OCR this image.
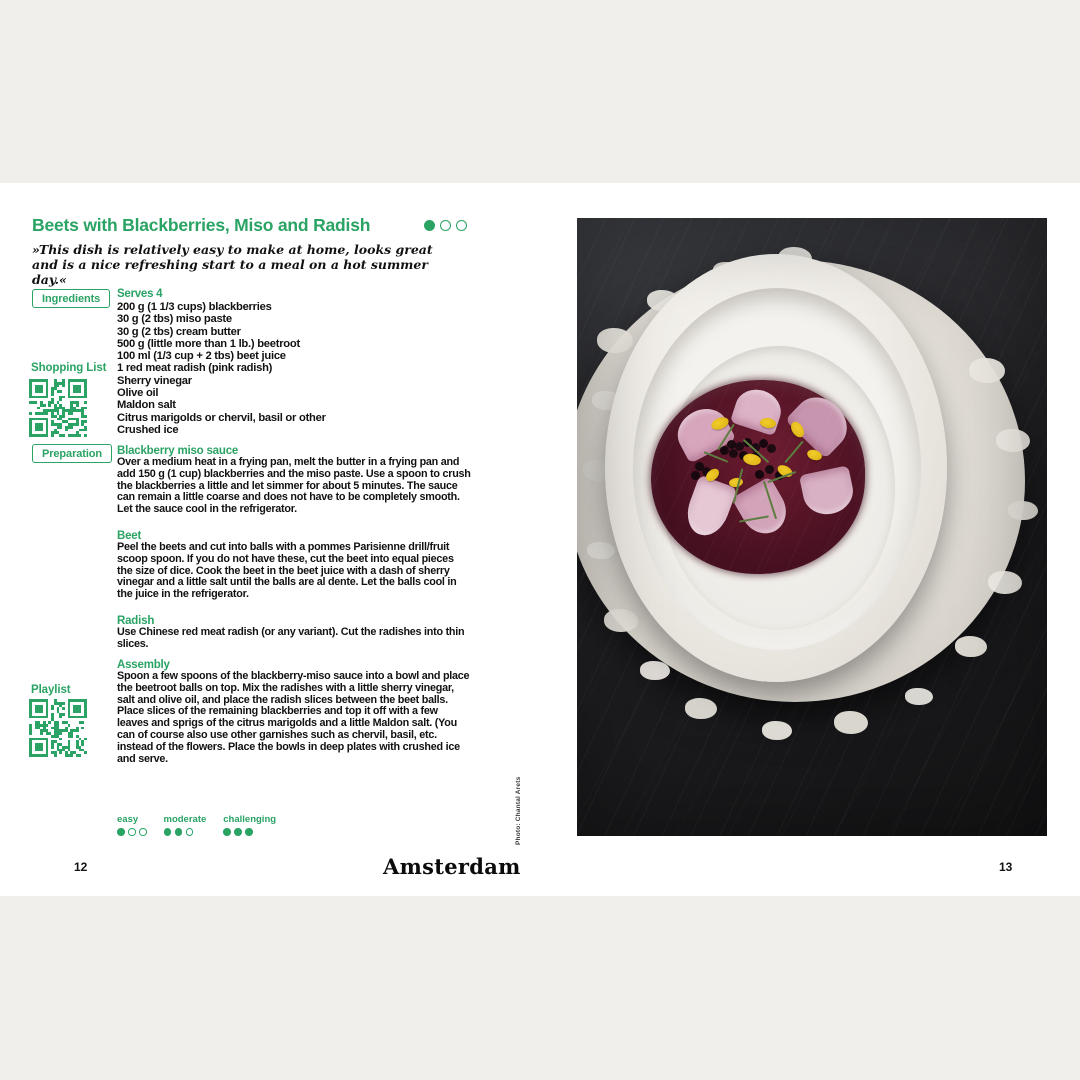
Beets with Blackberries, Miso and Radish
»This dish is relatively easy to make at home, looks great and is a nice refreshing start to a meal on a hot summer day.«
Ingredients
Shopping List
Preparation
Playlist
Serves 4
200 g (1 1/3 cups) blackberries
30 g (2 tbs) miso paste
30 g (2 tbs) cream butter
500 g (little more than 1 lb.) beetroot
100 ml (1/3 cup + 2 tbs) beet juice
1 red meat radish (pink radish)
Sherry vinegar
Olive oil
Maldon salt
Citrus marigolds or chervil, basil or other
Crushed ice
Blackberry miso sauce
Over a medium heat in a frying pan, melt the butter in a frying pan and add 150 g (1 cup) blackberries and the miso paste. Use a spoon to crush the blackberries a little and let simmer for about 5 minutes. The sauce can remain a little coarse and does not have to be completely smooth. Let the sauce cool in the refrigerator.
Beet
Peel the beets and cut into balls with a pommes Parisienne drill/fruit scoop spoon. If you do not have these, cut the beet into equal pieces the size of dice. Cook the beet in the beet juice with a dash of sherry vinegar and a little salt until the balls are al dente. Let the balls cool in the juice in the refrigerator.
Radish
Use Chinese red meat radish (or any variant). Cut the radishes into thin slices.
Assembly
Spoon a few spoons of the blackberry-miso sauce into a bowl and place the beetroot balls on top. Mix the radishes with a little sherry vinegar, salt and olive oil, and place the radish slices between the beet balls. Place slices of the remaining blackberries and top it off with a few leaves and sprigs of the citrus marigolds and a little Maldon salt. (You can of course also use other garnishes such as chervil, basil, etc. instead of the flowers. Place the bowls in deep plates with crushed ice and serve.
easy	moderate challenging
12	Amsterdam	13
Photo: Chantal Arets
